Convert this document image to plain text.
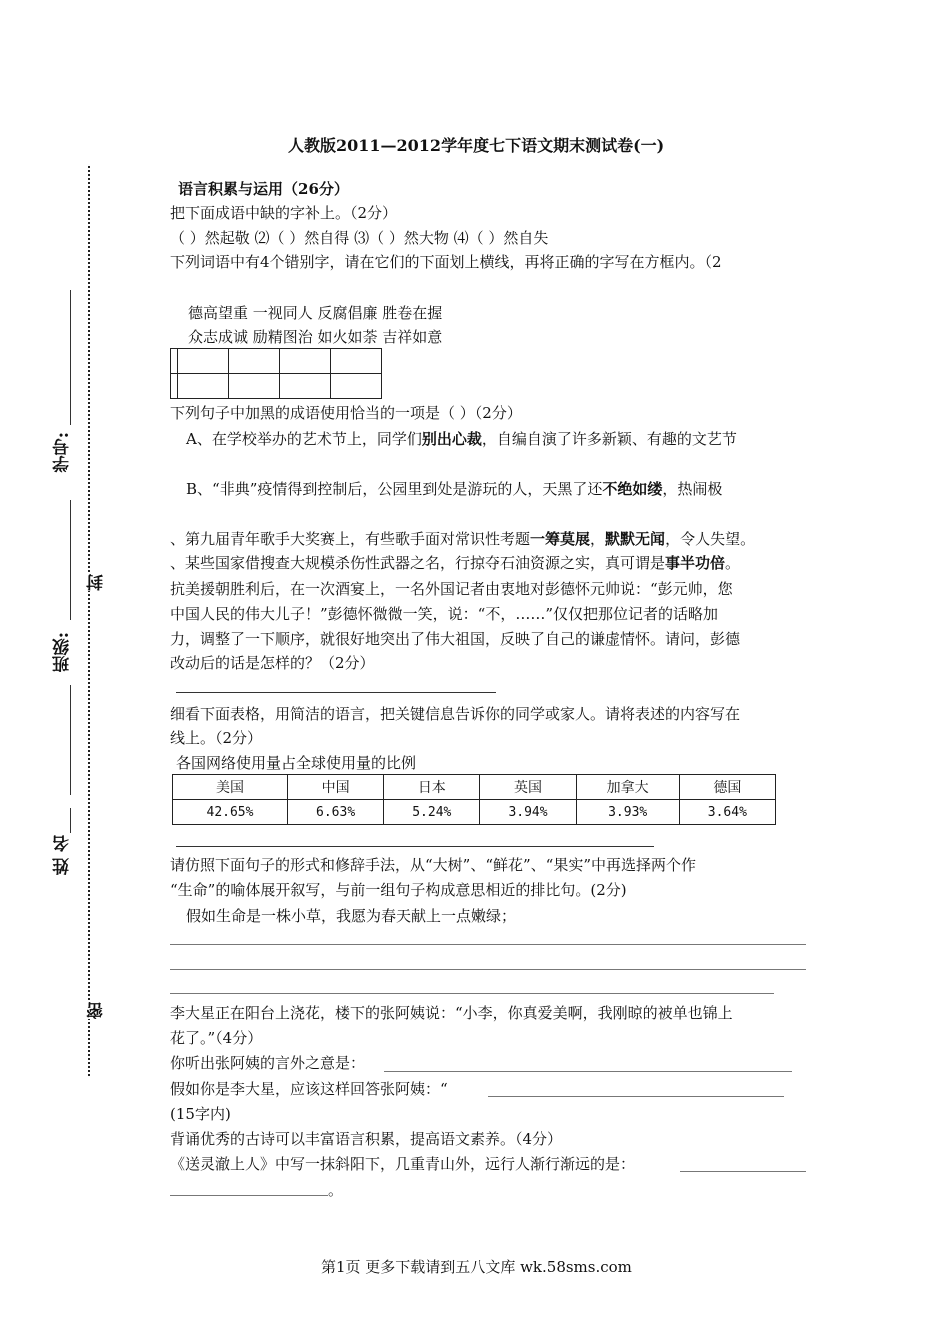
封
密
学号:
班级:
姓 名
人教版2011—2012学年度七下语文期末测试卷(一)
语言积累与运用（26分）
把下面成语中缺的字补上。（2分）
（ ）然起敬 ⑵（ ）然自得 ⑶（ ）然大物 ⑷（ ）然自失
下列词语中有4个错别字，请在它们的下面划上横线，再将正确的字写在方框内。（2
德高望重 一视同人 反腐倡廉 胜卷在握
众志成诚 励精图治 如火如荼 吉祥如意

下列句子中加黑的成语使用恰当的一项是（ ）（2分）
A、在学校举办的艺术节上，同学们别出心裁，自编自演了许多新颖、有趣的文艺节
B、“非典”疫情得到控制后，公园里到处是游玩的人，天黑了还不绝如缕，热闹极
、第九届青年歌手大奖赛上，有些歌手面对常识性考题一筹莫展，默默无闻，令人失望。
、某些国家借搜查大规模杀伤性武器之名，行掠夺石油资源之实，真可谓是事半功倍。
抗美援朝胜利后，在一次酒宴上，一名外国记者由衷地对彭德怀元帅说：“彭元帅，您
中国人民的伟大儿子！”彭德怀微微一笑，说：“不，……”仅仅把那位记者的话略加
力，调整了一下顺序，就很好地突出了伟大祖国，反映了自己的谦虚情怀。请问，彭德
改动后的话是怎样的？（2分）
细看下面表格，用简洁的语言，把关键信息告诉你的同学或家人。请将表述的内容写在
线上。（2分）
各国网络使用量占全球使用量的比例
美国	中国	日本	英国	加拿大	德国
42.65%	6.63%	5.24%	3.94%	3.93%	3.64%
请仿照下面句子的形式和修辞手法，从“大树”、“鲜花”、“果实”中再选择两个作
“生命”的喻体展开叙写，与前一组句子构成意思相近的排比句。(2分)
假如生命是一株小草，我愿为春天献上一点嫩绿；
李大星正在阳台上浇花，楼下的张阿姨说：“小李，你真爱美啊，我刚晾的被单也锦上
花了。”（4分）
你听出张阿姨的言外之意是：
假如你是李大星，应该这样回答张阿姨：“
(15字内)
背诵优秀的古诗可以丰富语言积累，提高语文素养。（4分）
《送灵澈上人》中写一抹斜阳下，几重青山外，远行人渐行渐远的是：
。
第1页 更多下载请到五八文库 wk.58sms.com
